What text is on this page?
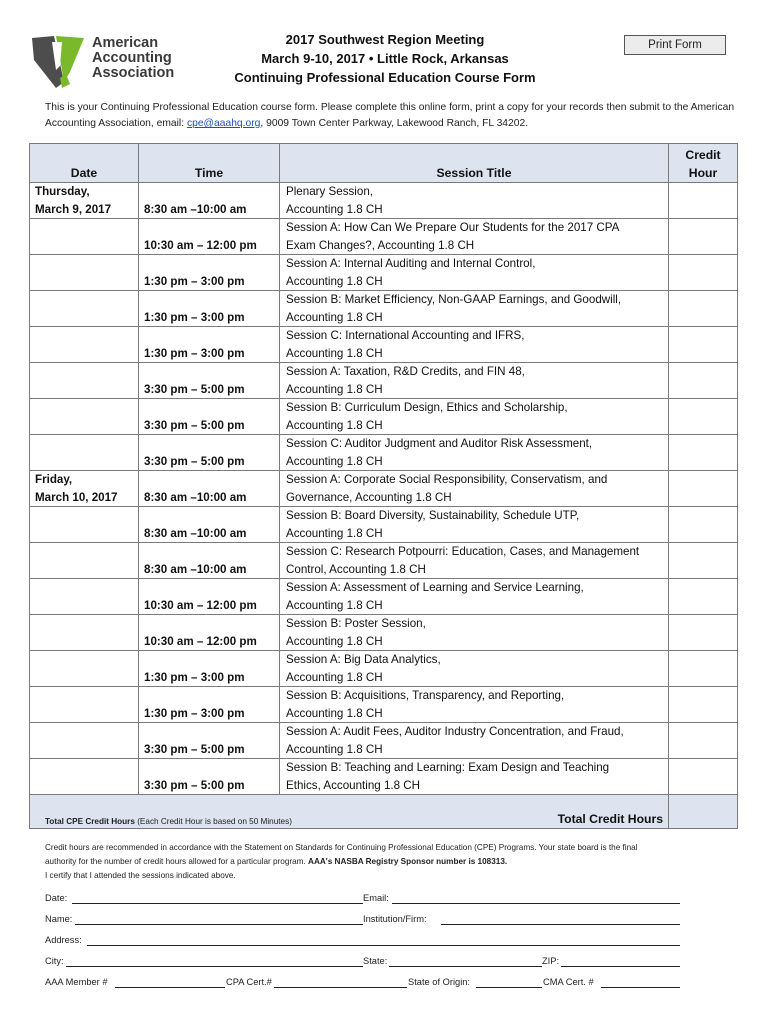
American
Accounting
Association
2017 Southwest Region Meeting
March 9-10, 2017 • Little Rock, Arkansas
Continuing Professional Education Course Form
Print Form
This is your Continuing Professional Education course form. Please complete this online form, print a copy for your records then submit to the American Accounting Association, email: cpe@aaahq.org, 9009 Town Center Parkway, Lakewood Ranch, FL 34202.
Date	Time	Session Title	Credit
Hour
Thursday,
March 9, 2017	8:30 am –10:00 am	Plenary Session,
Accounting 1.8 CH	

	10:30 am – 12:00 pm	Session A: How Can We Prepare Our Students for the 2017 CPA
Exam Changes?, Accounting 1.8 CH	

	1:30 pm – 3:00 pm	Session A: Internal Auditing and Internal Control,
Accounting 1.8 CH	

	1:30 pm – 3:00 pm	Session B: Market Efficiency, Non-GAAP Earnings, and Goodwill,
Accounting 1.8 CH	

	1:30 pm – 3:00 pm	Session C: International Accounting and IFRS,
Accounting 1.8 CH	

	3:30 pm – 5:00 pm	Session A: Taxation, R&D Credits, and FIN 48,
Accounting 1.8 CH	

	3:30 pm – 5:00 pm	Session B: Curriculum Design, Ethics and Scholarship,
Accounting 1.8 CH	

	3:30 pm – 5:00 pm	Session C: Auditor Judgment and Auditor Risk Assessment,
Accounting 1.8 CH	
Friday,
March 10, 2017	8:30 am –10:00 am	Session A: Corporate Social Responsibility, Conservatism, and
Governance, Accounting 1.8 CH	

	8:30 am –10:00 am	Session B: Board Diversity, Sustainability, Schedule UTP,
Accounting 1.8 CH	

	8:30 am –10:00 am	Session C: Research Potpourri: Education, Cases, and Management
Control, Accounting 1.8 CH	

	10:30 am – 12:00 pm	Session A: Assessment of Learning and Service Learning,
Accounting 1.8 CH	

	10:30 am – 12:00 pm	Session B: Poster Session,
Accounting 1.8 CH	

	1:30 pm – 3:00 pm	Session A: Big Data Analytics,
Accounting 1.8 CH	

	1:30 pm – 3:00 pm	Session B: Acquisitions, Transparency, and Reporting,
Accounting 1.8 CH	

	3:30 pm – 5:00 pm	Session A: Audit Fees, Auditor Industry Concentration, and Fraud,
Accounting 1.8 CH	

	3:30 pm – 5:00 pm	Session B: Teaching and Learning: Exam Design and Teaching
Ethics, Accounting 1.8 CH	
Total Credit Hours			
Total CPE Credit Hours (Each Credit Hour is based on 50 Minutes)
Credit hours are recommended in accordance with the Statement on Standards for Continuing Professional Education (CPE) Programs. Your state board is the final
authority for the number of credit hours allowed for a particular program. AAA's NASBA Registry Sponsor number is 108313.
I certify that I attended the sessions indicated above.
Date:	Email:
Name:	Institution/Firm:
Address:
City:	State:	ZIP:
AAA Member #	CPA Cert.#	State of Origin:	CMA Cert. #
